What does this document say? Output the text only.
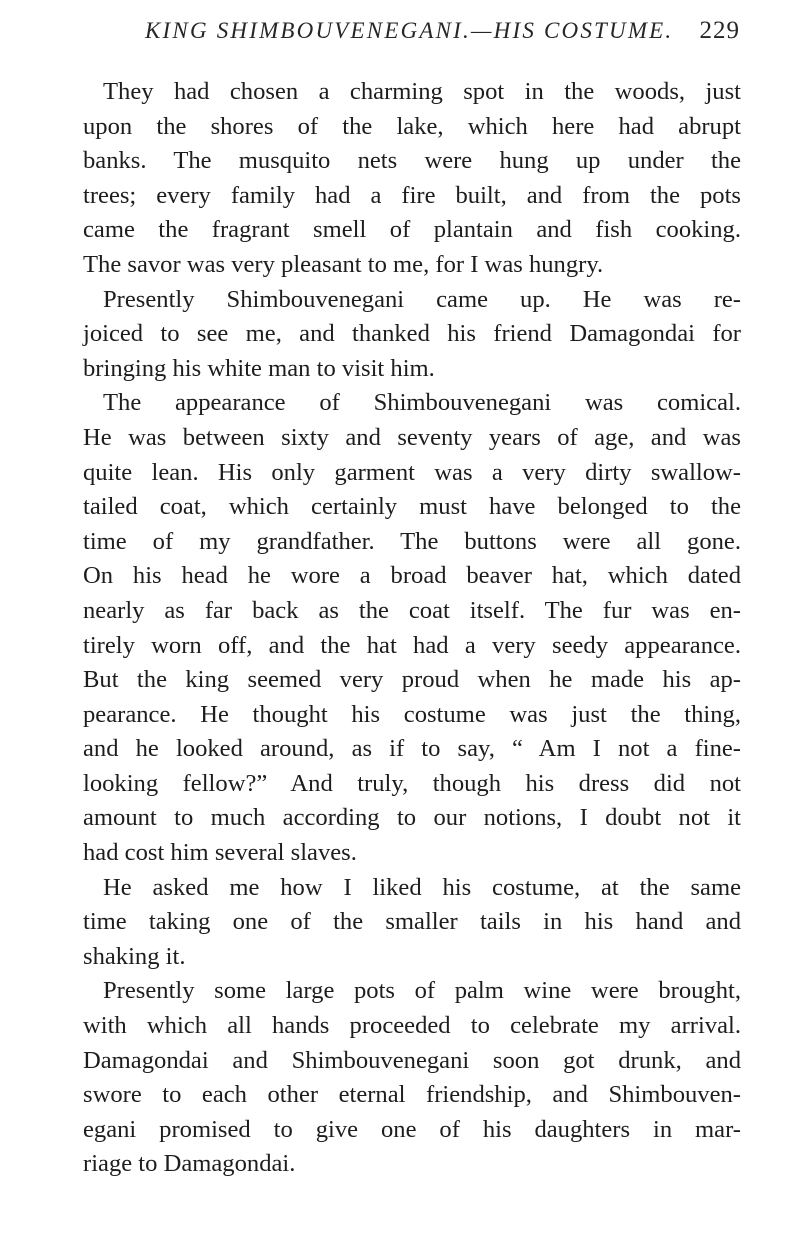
KING SHIMBOUVENEGANI.—HIS COSTUME. 229
They had chosen a charming spot in the woods, just
upon the shores of the lake, which here had abrupt
banks. The musquito nets were hung up under the
trees; every family had a fire built, and from the pots
came the fragrant smell of plantain and fish cooking.
The savor was very pleasant to me, for I was hungry.
Presently Shimbouvenegani came up. He was re-
joiced to see me, and thanked his friend Damagondai for
bringing his white man to visit him.
The appearance of Shimbouvenegani was comical.
He was between sixty and seventy years of age, and was
quite lean. His only garment was a very dirty swallow-
tailed coat, which certainly must have belonged to the
time of my grandfather. The buttons were all gone.
On his head he wore a broad beaver hat, which dated
nearly as far back as the coat itself. The fur was en-
tirely worn off, and the hat had a very seedy appearance.
But the king seemed very proud when he made his ap-
pearance. He thought his costume was just the thing,
and he looked around, as if to say, “ Am I not a fine-
looking fellow?” And truly, though his dress did not
amount to much according to our notions, I doubt not it
had cost him several slaves.
He asked me how I liked his costume, at the same
time taking one of the smaller tails in his hand and
shaking it.
Presently some large pots of palm wine were brought,
with which all hands proceeded to celebrate my arrival.
Damagondai and Shimbouvenegani soon got drunk, and
swore to each other eternal friendship, and Shimbouven-
egani promised to give one of his daughters in mar-
riage to Damagondai.
